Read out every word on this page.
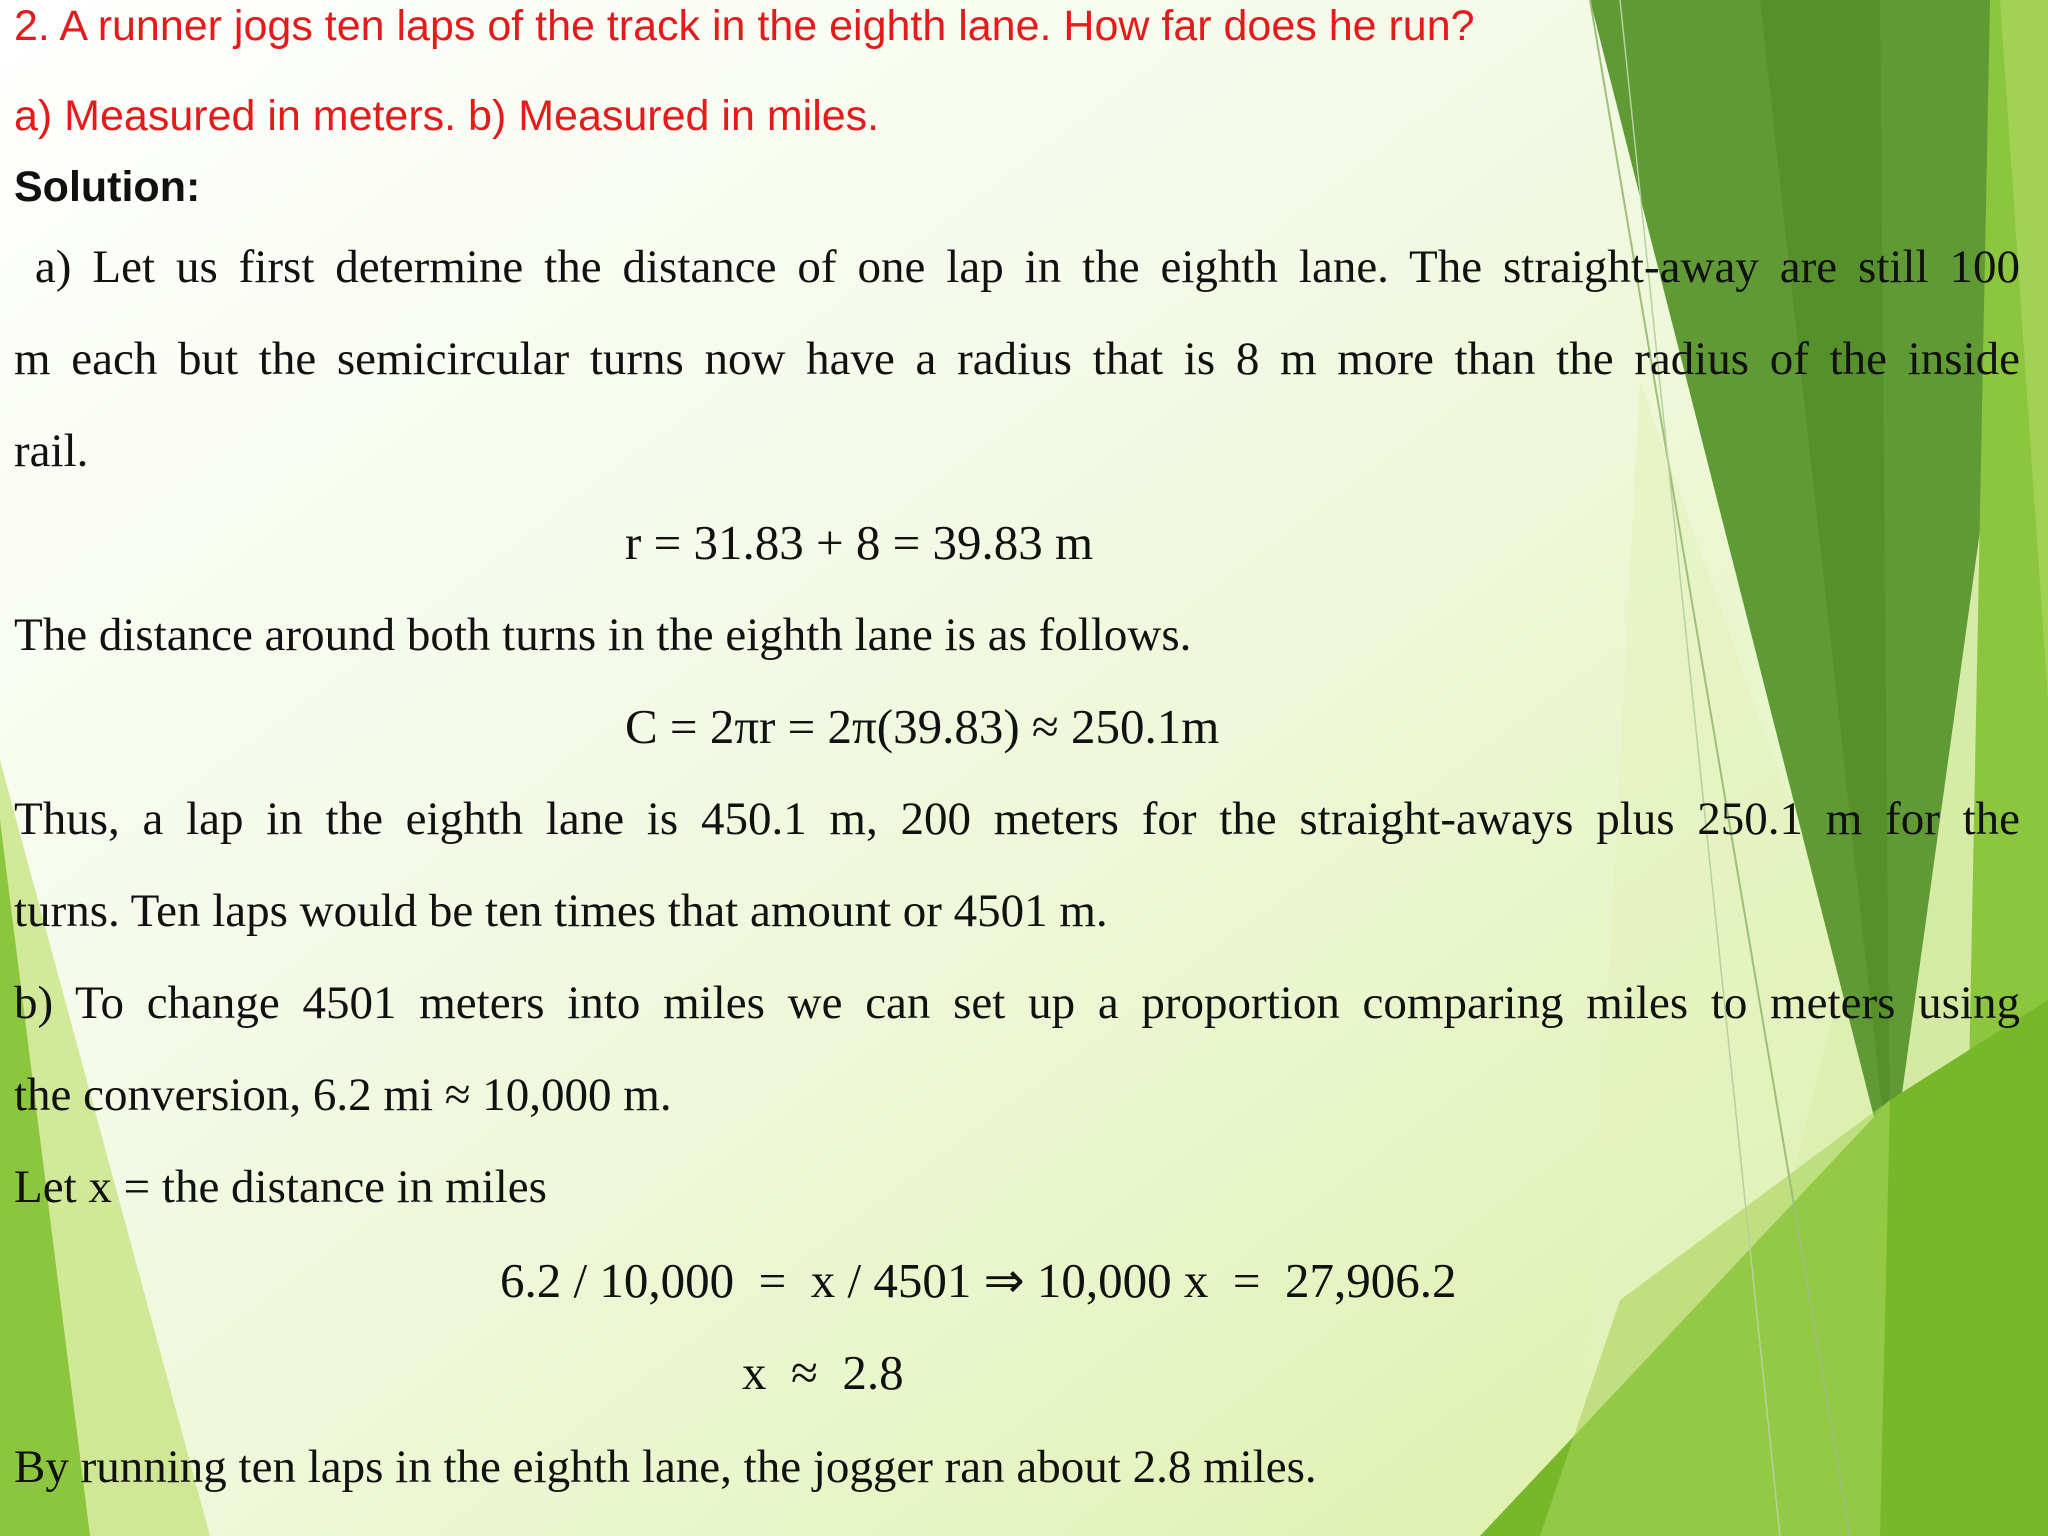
2. A runner jogs ten laps of the track in the eighth lane. How far does he run?
a) Measured in meters. b) Measured in miles.
Solution:
a) Let us first determine the distance of one lap in the eighth lane. The straight-away are still 100
m each but the semicircular turns now have a radius that is 8 m more than the radius of the inside
rail.
r = 31.83 + 8 = 39.83 m
The distance around both turns in the eighth lane is as follows.
C = 2πr = 2π(39.83) ≈ 250.1m
Thus, a lap in the eighth lane is 450.1 m, 200 meters for the straight-aways plus 250.1 m for the
turns. Ten laps would be ten times that amount or 4501 m.
b) To change 4501 meters into miles we can set up a proportion comparing miles to meters using
the conversion, 6.2 mi ≈ 10,000 m.
Let x = the distance in miles
6.2 / 10,000  =  x / 4501 ⇒ 10,000 x  =  27,906.2
x  ≈  2.8
By running ten laps in the eighth lane, the jogger ran about 2.8 miles.
